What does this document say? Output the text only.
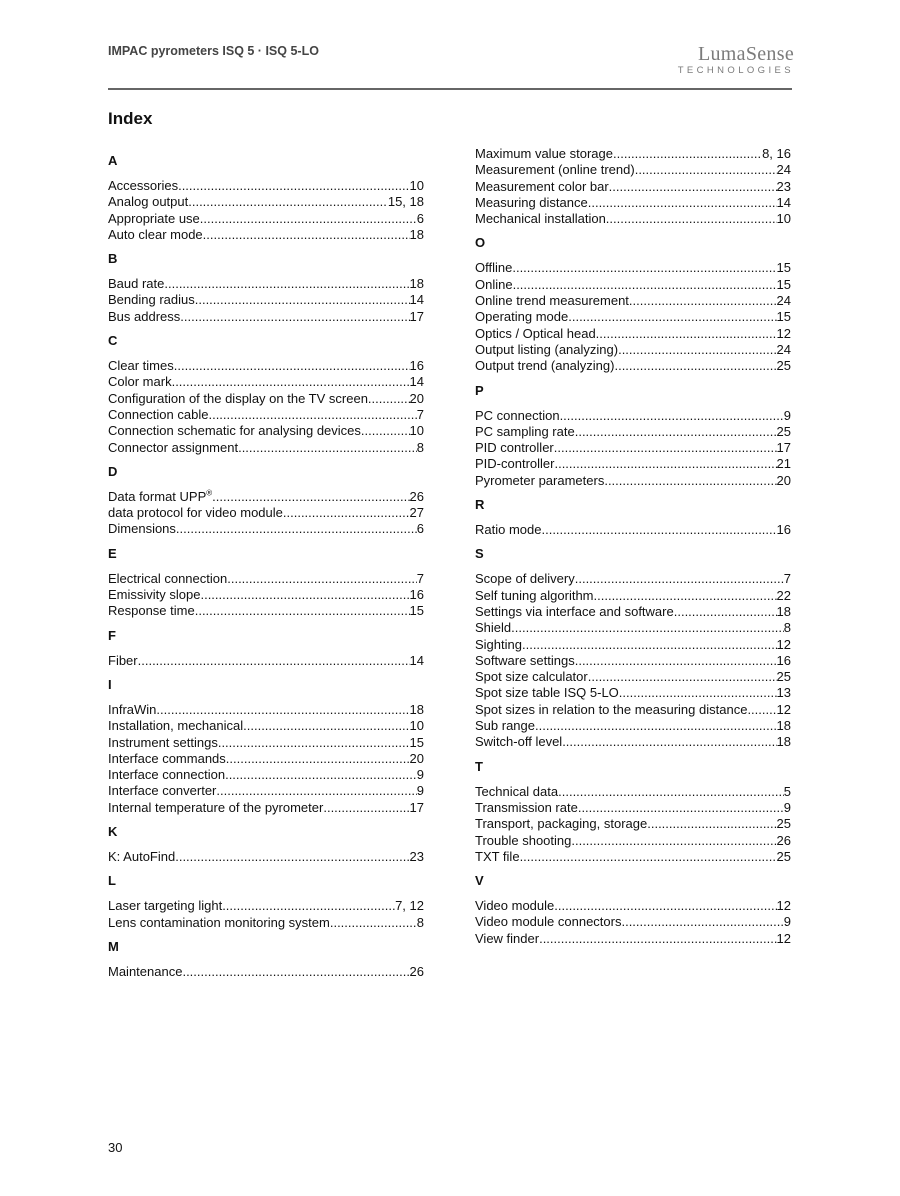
IMPAC pyrometers ISQ 5 · ISQ 5-LO	LumaSense
TECHNOLOGIES
Index
A
Accessories .....	10
Analog output .....	15, 18
Appropriate use .....	6
Auto clear mode .....	18
B
Baud rate .....	18
Bending radius .....	14
Bus address .....	17
C
Clear times .....	16
Color mark .....	14
Configuration of the display on the TV screen .....	20
Connection cable .....	7
Connection schematic for analysing devices .....	10
Connector assignment .....	8
D
Data format UPP® .....	26
data protocol for video module .....	27
Dimensions .....	6
E
Electrical connection .....	7
Emissivity slope .....	16
Response time .....	15
F
Fiber .....	14
I
InfraWin .....	18
Installation, mechanical .....	10
Instrument settings .....	15
Interface commands .....	20
Interface connection .....	9
Interface converter .....	9
Internal temperature of the pyrometer .....	17
K
K: AutoFind .....	23
L
Laser targeting light .....	7, 12
Lens contamination monitoring system .....	8
M
Maintenance .....	26
Maximum value storage .....	8, 16
Measurement (online trend) .....	24
Measurement color bar .....	23
Measuring distance .....	14
Mechanical installation .....	10
O
Offline .....	15
Online .....	15
Online trend measurement .....	24
Operating mode .....	15
Optics / Optical head .....	12
Output listing (analyzing) .....	24
Output trend (analyzing) .....	25
P
PC connection .....	9
PC sampling rate .....	25
PID controller .....	17
PID-controller .....	21
Pyrometer parameters .....	20
R
Ratio mode .....	16
S
Scope of delivery .....	7
Self tuning algorithm .....	22
Settings via interface and software .....	18
Shield .....	8
Sighting .....	12
Software settings .....	16
Spot size calculator .....	25
Spot size table ISQ 5-LO .....	13
Spot sizes in relation to the measuring distance ..... 12
Sub range .....	18
Switch-off level .....	18
T
Technical data .....	5
Transmission rate .....	9
Transport, packaging, storage .....	25
Trouble shooting .....	26
TXT file .....	25
V
Video module .....	12
Video module connectors .....	9
View finder .....	12
30
